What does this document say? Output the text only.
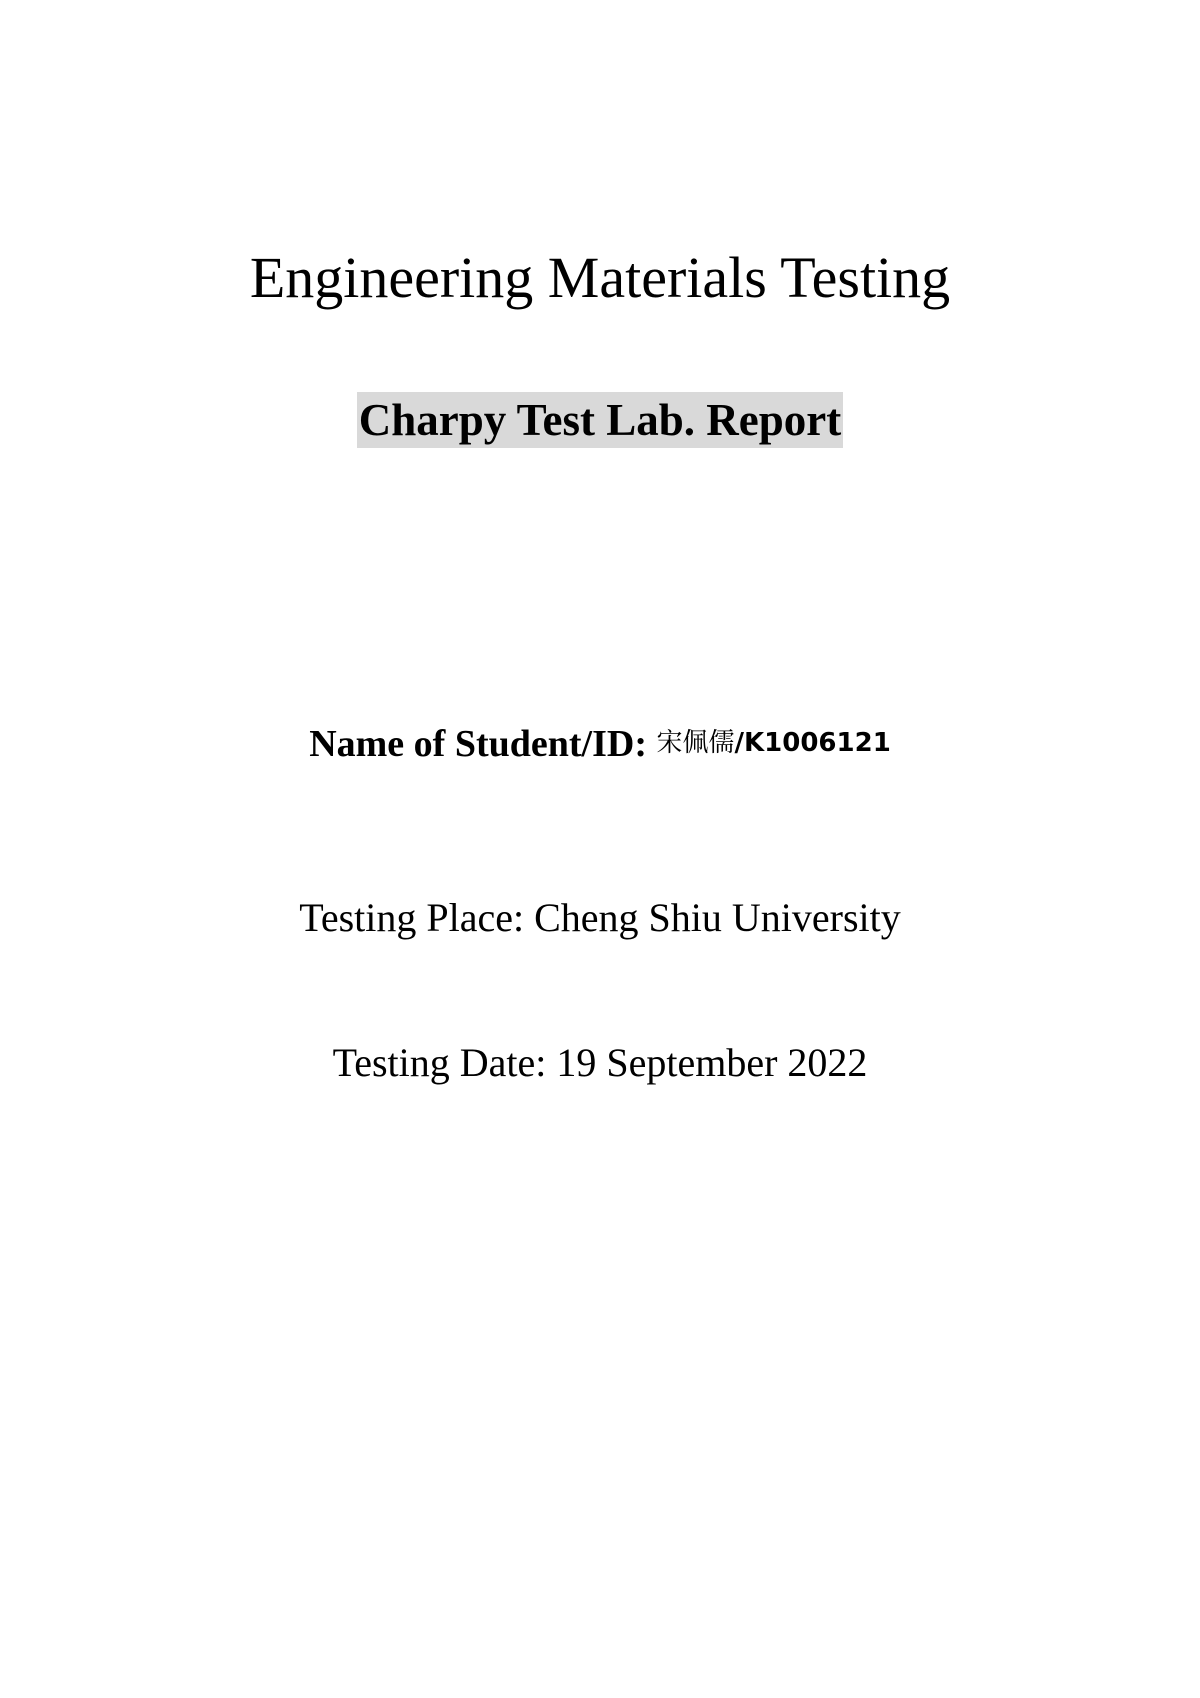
Engineering Materials Testing
Charpy Test Lab. Report
Name of Student/ID: 宋佩儒/K1006121
Testing Place: Cheng Shiu University
Testing Date: 19 September 2022
